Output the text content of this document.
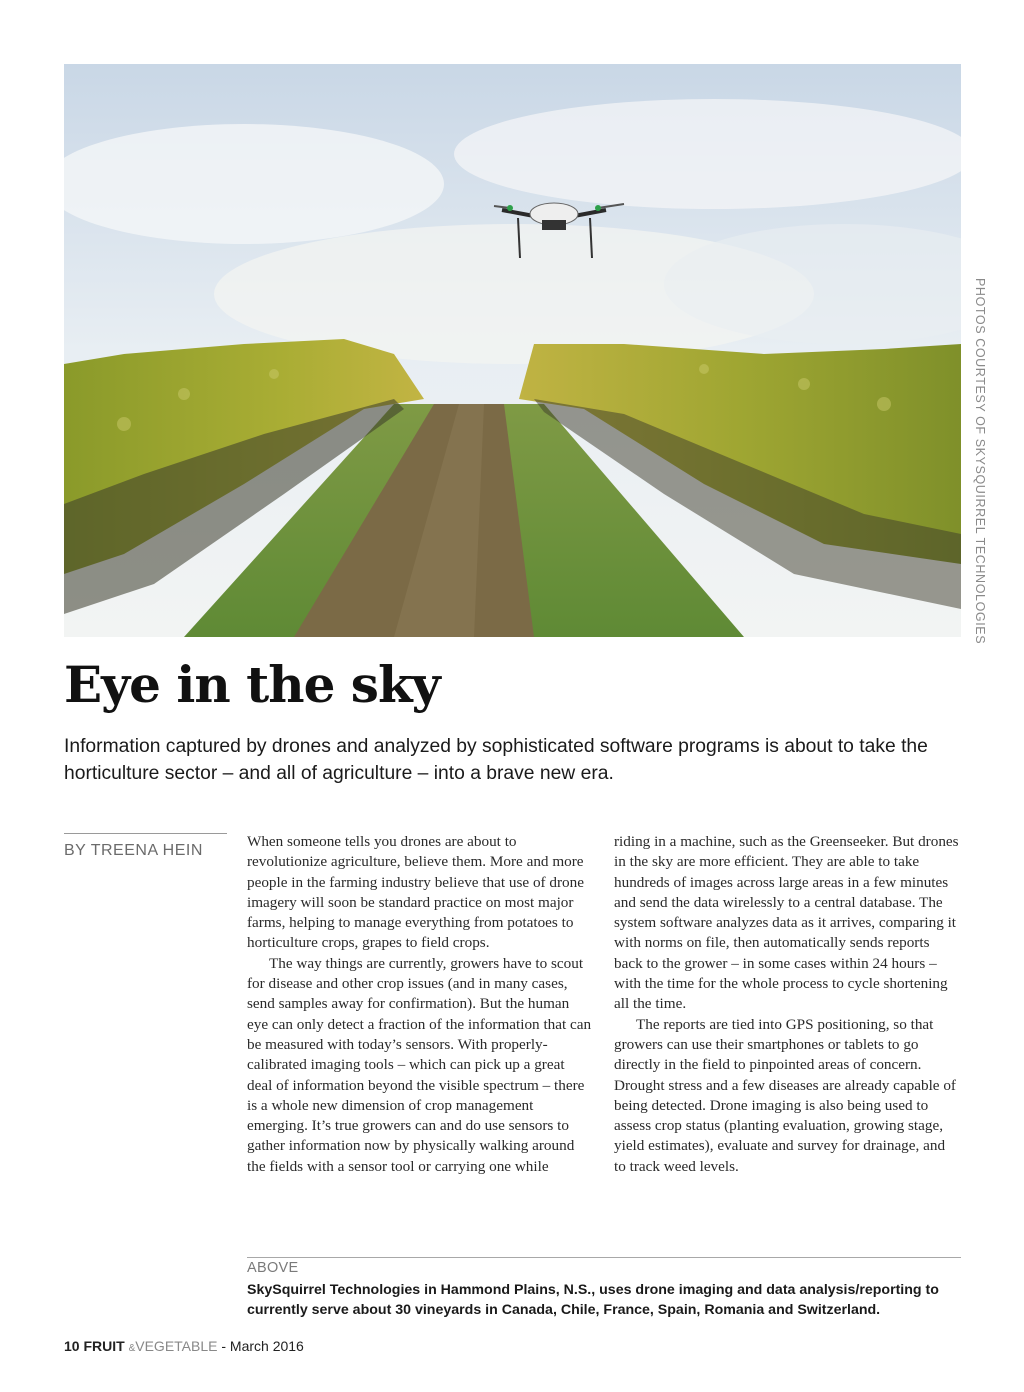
PHOTOS COURTESY OF SKYSQUIRREL TECHNOLOGIES
Eye in the sky

Information captured by drones and analyzed by sophisticated software programs is about to take the horticulture sector – and all of agriculture – into a brave new era.

BY TREENA HEIN

When someone tells you drones are about to revolutionize agriculture, believe them. More and more people in the farming industry believe that use of drone imagery will soon be standard practice on most major farms, helping to manage everything from potatoes to horticulture crops, grapes to field crops.

The way things are currently, growers have to scout for disease and other crop issues (and in many cases, send samples away for confirmation). But the human eye can only detect a fraction of the information that can be measured with today’s sensors. With properly-calibrated imaging tools – which can pick up a great deal of information beyond the visible spectrum – there is a whole new dimension of crop management emerging. It’s true growers can and do use sensors to gather information now by physically walking around the fields with a sensor tool or carrying one while

riding in a machine, such as the Greenseeker. But drones in the sky are more efficient. They are able to take hundreds of images across large areas in a few minutes and send the data wirelessly to a central database. The system software analyzes data as it arrives, comparing it with norms on file, then automatically sends reports back to the grower – in some cases within 24 hours – with the time for the whole process to cycle shortening all the time.

The reports are tied into GPS positioning, so that growers can use their smartphones or tablets to go directly in the field to pinpointed areas of concern. Drought stress and a few diseases are already capable of being detected. Drone imaging is also being used to assess crop status (planting evaluation, growing stage, yield estimates), evaluate and survey for drainage, and to track weed levels.

ABOVE
SkySquirrel Technologies in Hammond Plains, N.S., uses drone imaging and data analysis/reporting to currently serve about 30 vineyards in Canada, Chile, France, Spain, Romania and Switzerland.
10 FRUIT &VEGETABLE - March 2016
